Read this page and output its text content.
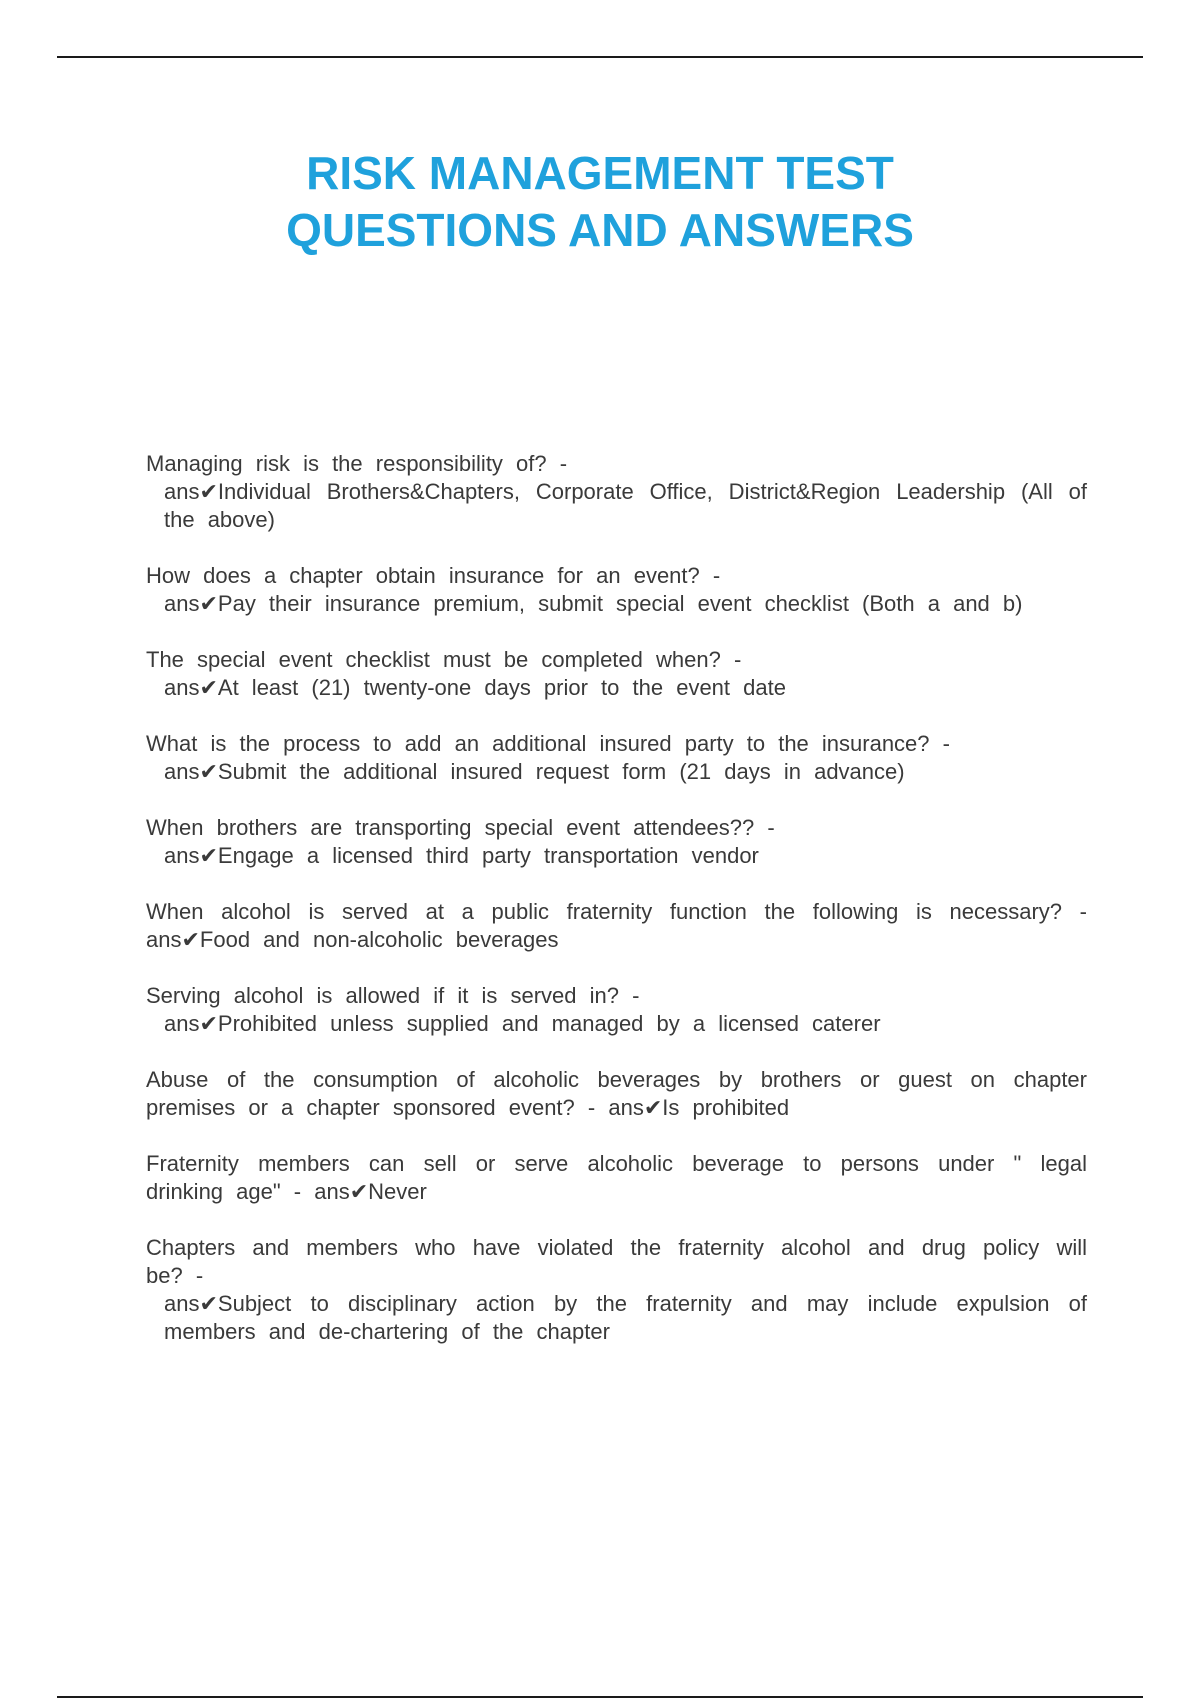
RISK MANAGEMENT TEST
QUESTIONS AND ANSWERS

Managing risk is the responsibility of? -
ans✔Individual Brothers&Chapters, Corporate Office, District&Region Leadership (All of the above)

How does a chapter obtain insurance for an event? -
ans✔Pay their insurance premium, submit special event checklist (Both a and b)

The special event checklist must be completed when? -
ans✔At least (21) twenty-one days prior to the event date

What is the process to add an additional insured party to the insurance? -
ans✔Submit the additional insured request form (21 days in advance)

When brothers are transporting special event attendees?? -
ans✔Engage a licensed third party transportation vendor

When alcohol is served at a public fraternity function the following is necessary? - ans✔Food and non-alcoholic beverages

Serving alcohol is allowed if it is served in? -
ans✔Prohibited unless supplied and managed by a licensed caterer

Abuse of the consumption of alcoholic beverages by brothers or guest on chapter premises or a chapter sponsored event? - ans✔Is prohibited

Fraternity members can sell or serve alcoholic beverage to persons under " legal drinking age" - ans✔Never

Chapters and members who have violated the fraternity alcohol and drug policy will be? -
ans✔Subject to disciplinary action by the fraternity and may include expulsion of members and de-chartering of the chapter
